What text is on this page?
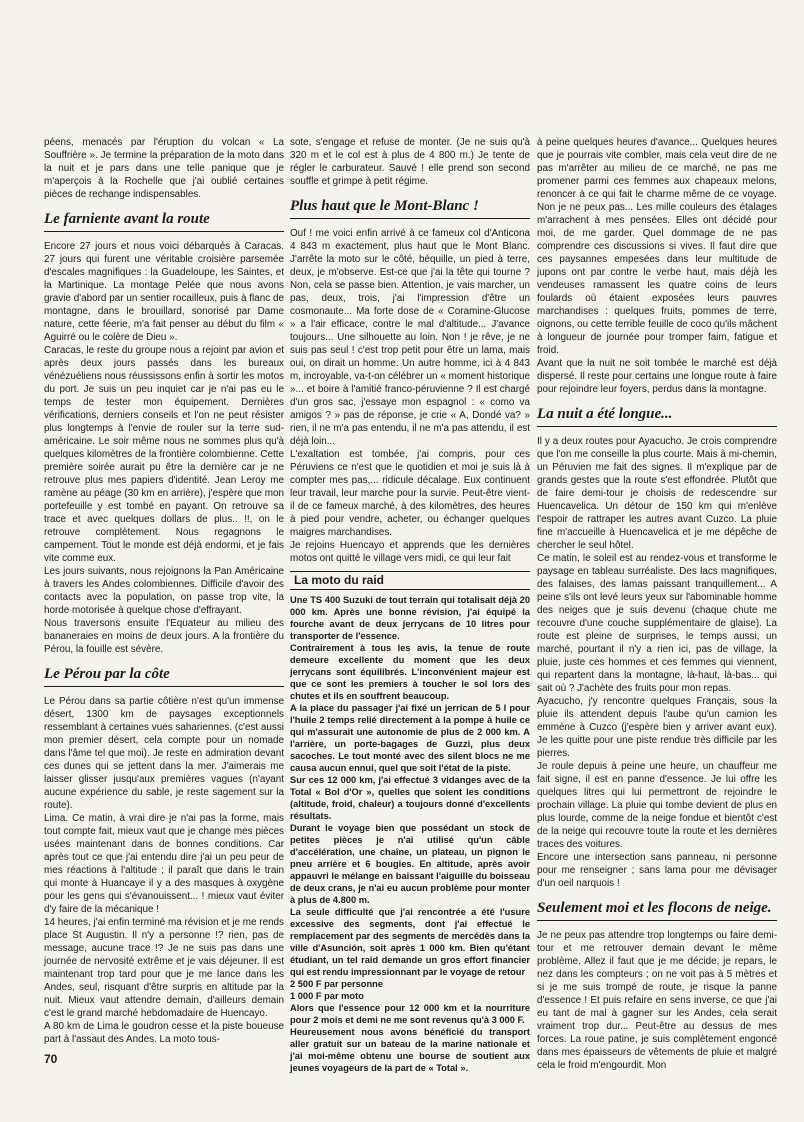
péens, menacés par l'éruption du volcan « La Souffrière ». Je termine la préparation de la moto dans la nuit et je pars dans une telle panique que je m'aperçois à la Rochelle que j'ai oublié certaines pièces de rechange indispensables.

Le farniente avant la route

Encore 27 jours et nous voici débarqués à Caracas. 27 jours qui furent une véritable croisière parsemée d'escales magnifiques : la Guadeloupe, les Saintes, et la Martinique. La montage Pelée que nous avons gravie d'abord par un sentier rocailleux, puis à flanc de montagne, dans le brouillard, sonorisé par Dame nature, cette féerie, m'a fait penser au début du film « Aguirré ou le colère de Dieu ».

Caracas, le reste du groupe nous a rejoint par avion et après deux jours passés dans les bureaux vénézuéliens nous réussissons enfin à sortir les motos du port. Je suis un peu inquiet car je n'ai pas eu le temps de tester mon équipement. Dernières vérifications, derniers conseils et l'on ne peut résister plus longtemps à l'envie de rouler sur la terre sud-américaine. Le soir même nous ne sommes plus qu'à quelques kilomètres de la frontière colombienne. Cette première soirée aurait pu être la dernière car je ne retrouve plus mes papiers d'identité. Jean Leroy me ramène au péage (30 km en arrière), j'espère que mon portefeuille y est tombé en payant. On retrouve sa trace et avec quelques dollars de plus.. !!, on le retrouve complètement. Nous regagnons le campement. Tout le monde est déjà endormi, et je fais vite comme eux.

Les jours suivants, nous rejoignons la Pan Américaine à travers les Andes colombiennes. Difficile d'avoir des contacts avec la population, on passe trop vite, la horde motorisée à quelque chose d'effrayant.

Nous traversons ensuite l'Equateur au milieu des bananeraies en moins de deux jours. A la frontière du Pérou, la fouille est sévère.

Le Pérou par la côte

Le Pérou dans sa partie côtière n'est qu'un immense désert, 1300 km de paysages exceptionnels ressemblant à certaines vues sahariennes. (c'est aussi mon premier désert, cela compte pour un nomade dans l'âme tel que moi). Je reste en admiration devant ces dunes qui se jettent dans la mer. J'aimerais me laisser glisser jusqu'aux premières vagues (n'ayant aucune expérience du sable, je reste sagement sur la route).

Lima. Ce matin, à vrai dire je n'ai pas la forme, mais tout compte fait, mieux vaut que je change mes pièces usées maintenant dans de bonnes conditions. Car après tout ce que j'ai entendu dire j'ai un peu peur de mes réactions à l'altitude ; il paraît que dans le train qui monte à Huancaye il y a des masques à oxygène pour les gens qui s'évanouissent... ! mieux vaut éviter d'y faire de la mécanique !

14 heures, j'ai enfin terminé ma révision et je me rends place St Augustin. Il n'y a personne !? rien, pas de message, aucune trace !? Je ne suis pas dans une journée de nervosité extrême et je vais déjeuner. Il est maintenant trop tard pour que je me lance dans les Andes, seul, risquant d'être surpris en altitude par la nuit. Mieux vaut attendre demain, d'ailleurs demain c'est le grand marché hebdomadaire de Huencayo.

A 80 km de Lima le goudron cesse et la piste boueuse part à l'assaut des Andes. La moto tous-

sote, s'engage et refuse de monter. (Je ne suis qu'à 320 m et le col est à plus de 4 800 m.) Je tente de régler le carburateur. Sauvé ! elle prend son second souffle et grimpe à petit régime.

Plus haut que le Mont-Blanc !

Ouf ! me voici enfin arrivé à ce fameux col d'Anticona 4 843 m exactement, plus haut que le Mont Blanc. J'arrête la moto sur le côté, béquille, un pied à terre, deux, je m'observe. Est-ce que j'ai la tête qui tourne ? Non, cela se passe bien. Attention, je vais marcher, un pas, deux, trois, j'ai l'impression d'être un cosmonaute... Ma forte dose de « Coramine-Glucose » a l'air efficace, contre le mal d'altitude... J'avance toujours... Une silhouette au loin. Non ! je rêve, je ne suis pas seul ! c'est trop petit pour être un lama, mais oui, on dirait un homme. Un autre homme, ici à 4 843 m, incroyable, va-t-on célébrer un « moment historique »... et boire à l'amitié franco-péruvienne ? Il est chargé d'un gros sac, j'essaye mon espagnol : « como va amigos ? » pas de réponse, je crie « A, Dondé va? » rien, il ne m'a pas entendu, il ne m'a pas attendu, il est déjà loin...

L'exaltation est tombée, j'ai compris, pour ces Péruviens ce n'est que le quotidien et moi je suis là à compter mes pas,... ridicule décalage. Eux continuent leur travail, leur marche pour la survie. Peut-être vient-il de ce fameux marché, à des kilomètres, des heures à pied pour vendre, acheter, ou échanger quelques maigres marchandises.

Je rejoins Huencayo et apprends que les dernières motos ont quitté le village vers midi, ce qui leur fait

La moto du raid

Une TS 400 Suzuki de tout terrain qui totalisait déjà 20 000 km. Après une bonne révision, j'ai équipé la fourche avant de deux jerrycans de 10 litres pour transporter de l'essence.

Contrairement à tous les avis, la tenue de route demeure excellente du moment que les deux jerrycans sont équilibrés. L'inconvénient majeur est que ce sont les premiers à toucher le sol lors des chutes et ils en souffrent beaucoup.

A la place du passager j'ai fixé un jerrican de 5 l pour l'huile 2 temps relié directement à la pompe à huile ce qui m'assurait une autonomie de plus de 2 000 km. A l'arrière, un porte-bagages de Guzzi, plus deux sacoches. Le tout monté avec des silent blocs ne me causa aucun ennui, quel que soit l'état de la piste.

Sur ces 12 000 km, j'ai effectué 3 vidanges avec de la Total « Bol d'Or », quelles que soient les conditions (altitude, froid, chaleur) a toujours donné d'excellents résultats.

Durant le voyage bien que possédant un stock de petites pièces je n'ai utilisé qu'un câble d'accélération, une chaîne, un plateau, un pignon le pneu arrière et 6 bougies. En altitude, après avoir appauvri le mélange en baissant l'aiguille du boisseau de deux crans, je n'ai eu aucun problème pour monter à plus de 4.800 m.

La seule difficulté que j'ai rencontrée a été l'usure excessive des segments, dont j'ai effectué le remplacement par des segments de mercédès dans la ville d'Asunción, soit après 1 000 km. Bien qu'étant étudiant, un tel raid demande un gros effort financier qui est rendu impressionnant par le voyage de retour

2 500 F par personne

1 000 F par moto

Alors que l'essence pour 12 000 km et la nourriture pour 2 mois et demi ne me sont revenus qu'à 3 000 F.

Heureusement nous avons bénéficié du transport aller gratuit sur un bateau de la marine nationale et j'ai moi-même obtenu une bourse de soutient aux jeunes voyageurs de la part de « Total ».

à peine quelques heures d'avance... Quelques heures que je pourrais vite combler, mais cela veut dire de ne pas m'arrêter au milieu de ce marché, ne pas me promener parmi ces femmes aux chapeaux melons, renoncer à ce qui fait le charme même de ce voyage. Non je ne peux pas... Les mille couleurs des étalages m'arrachent à mes pensées. Elles ont décidé pour moi, de me garder. Quel dommage de ne pas comprendre ces discussions si vives. Il faut dire que ces paysannes empesées dans leur multitude de jupons ont par contre le verbe haut, mais déjà les vendeuses ramassent les quatre coins de leurs foulards où étaient exposées leurs pauvres marchandises : quelques fruits, pommes de terre, oignons, ou cette terrible feuille de coco qu'ils mâchent à longueur de journée pour tromper faim, fatigue et froid.

Avant que la nuit ne soit tombée le marché est déjà dispersé. Il reste pour certains une longue route à faire pour rejoindre leur foyers, perdus dans la montagne.

La nuit a été longue...

Il y a deux routes pour Ayacucho. Je crois comprendre que l'on me conseille la plus courte. Mais à mi-chemin, un Péruvien me fait des signes. Il m'explique par de grands gestes que la route s'est effondrée. Plutôt que de faire demi-tour je choisis de redescendre sur Huencavelica. Un détour de 150 km qui m'enlève l'espoir de rattraper les autres avant Cuzco. La pluie fine m'accueille à Huencavelica et je me dépêche de chercher le seul hôtel.

Ce matin, le soleil est au rendez-vous et transforme le paysage en tableau surréaliste. Des lacs magnifiques, des falaises, des lamas paissant tranquillement... A peine s'ils ont levé leurs yeux sur l'abominable homme des neiges que je suis devenu (chaque chute me recouvre d'une couche supplémentaire de glaise). La route est pleine de surprises, le temps aussi, un marché, pourtant il n'y a rien ici, pas de village, la pluie, juste ces hommes et ces femmes qui viennent, qui repartent dans la montagne, là-haut, là-bas... qui sait où ? J'achète des fruits pour mon repas.

Ayacucho, j'y rencontre quelques Français, sous la pluie ils attendent depuis l'aube qu'un camion les emmène à Cuzco (j'espère bien y arriver avant eux). Je les quitte pour une piste rendue très difficile par les pierres.

Je roule depuis à peine une heure, un chauffeur me fait signe, il est en panne d'essence. Je lui offre les quelques litres qui lui permettront de rejoindre le prochain village. La pluie qui tombe devient de plus en plus lourde, comme de la neige fondue et bientôt c'est de la neige qui recouvre toute la route et les dernières traces des voitures.

Encore une intersection sans panneau, ni personne pour me renseigner ; sans lama pour me dévisager d'un oeil narquois !

Seulement moi et les flocons de neige.

Je ne peux pas attendre trop longtemps ou faire demi-tour et me retrouver demain devant le même problème. Allez il faut que je me décide, je repars, le nez dans les compteurs ; on ne voit pas à 5 mètres et si je me suis trompé de route, je risque la panne d'essence ! Et puis refaire en sens inverse, ce que j'ai eu tant de mal à gagner sur les Andes, cela serait vraiment trop dur... Peut-être au dessus de mes forces. La roue patine, je suis complètement engoncé dans mes épaisseurs de vêtements de pluie et malgré cela le froid m'engourdit. Mon

70
